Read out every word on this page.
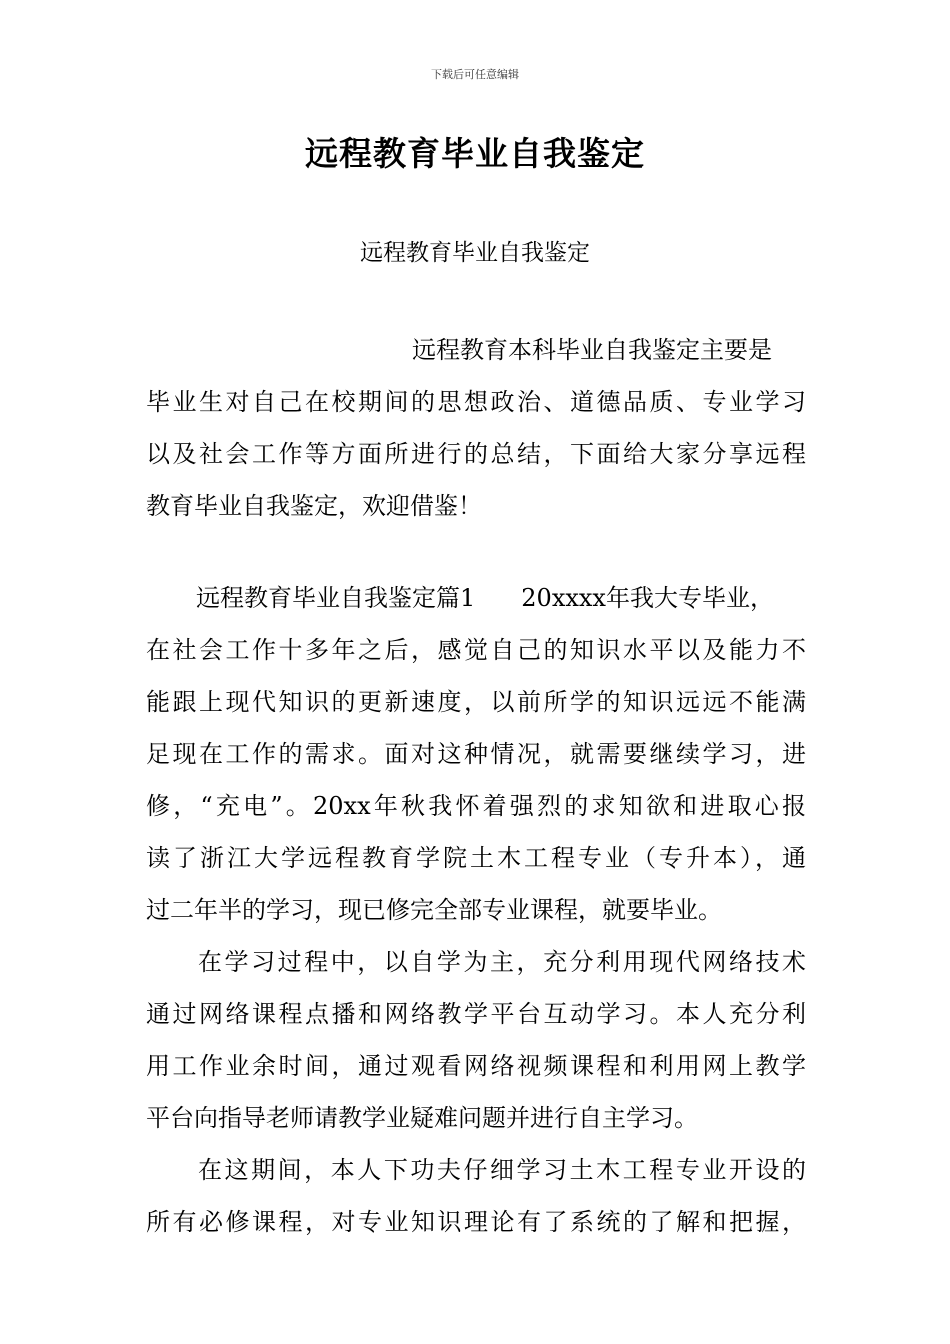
下载后可任意编辑
远程教育毕业自我鉴定
远程教育毕业自我鉴定
远程教育本科毕业自我鉴定主要是
毕业生对自己在校期间的思想政治、道德品质、专业学习
以及社会工作等方面所进行的总结，下面给大家分享远程
教育毕业自我鉴定，欢迎借鉴！
远程教育毕业自我鉴定篇1 20xxxx年我大专毕业，
在社会工作十多年之后，感觉自己的知识水平以及能力不
能跟上现代知识的更新速度，以前所学的知识远远不能满
足现在工作的需求。面对这种情况，就需要继续学习，进
修，“充电”。20xx年秋我怀着强烈的求知欲和进取心报
读了浙江大学远程教育学院土木工程专业（专升本），通
过二年半的学习，现已修完全部专业课程，就要毕业。
在学习过程中，以自学为主，充分利用现代网络技术
通过网络课程点播和网络教学平台互动学习。本人充分利
用工作业余时间，通过观看网络视频课程和利用网上教学
平台向指导老师请教学业疑难问题并进行自主学习。
在这期间，本人下功夫仔细学习土木工程专业开设的
所有必修课程，对专业知识理论有了系统的了解和把握，
